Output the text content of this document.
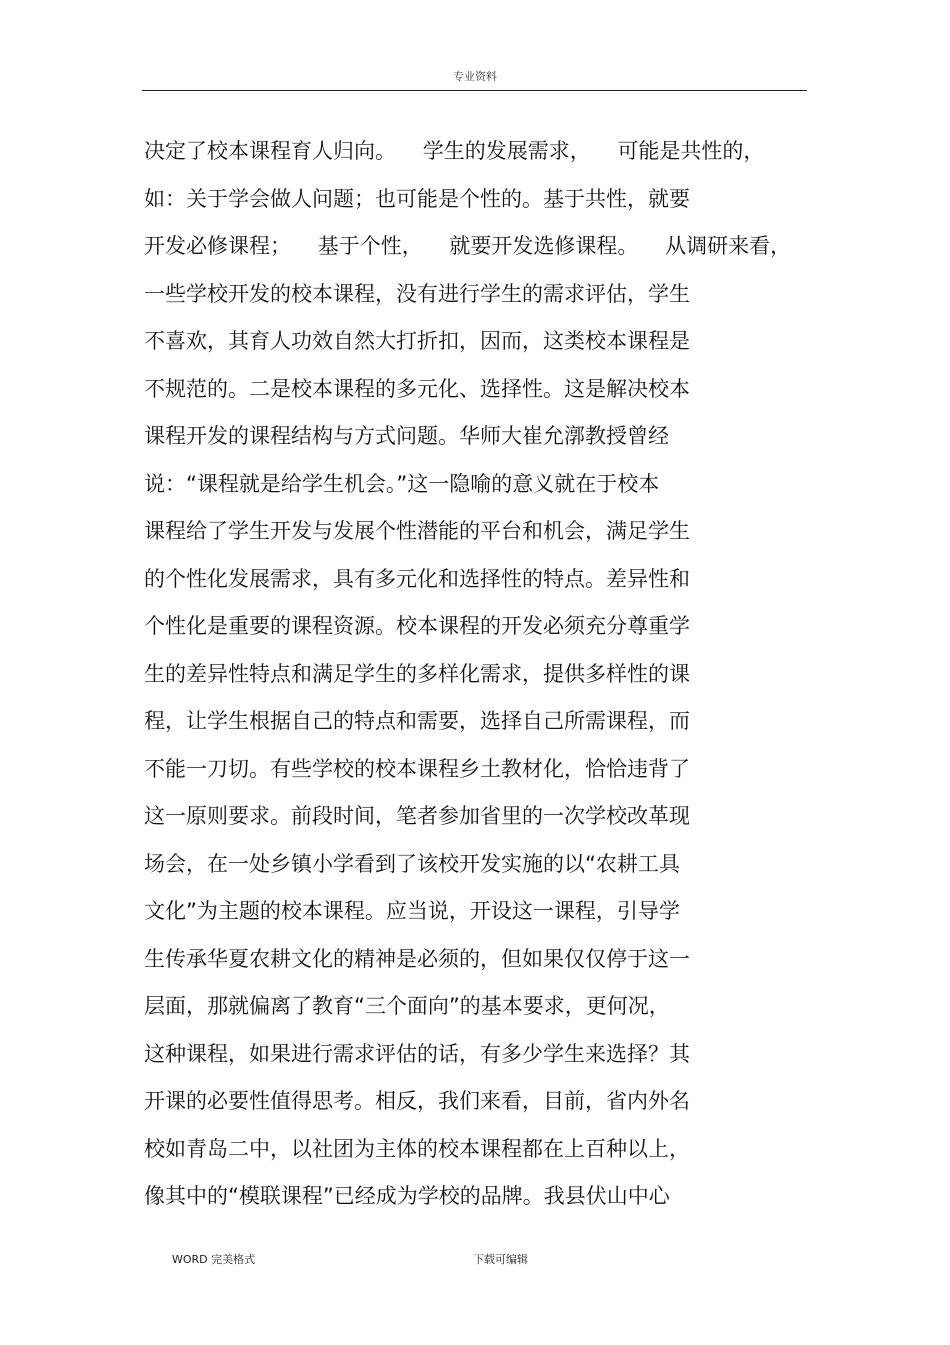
专业资料
决定了校本课程育人归向。    学生的发展需求，    可能是共性的，
如：关于学会做人问题；也可能是个性的。基于共性，就要
开发必修课程；    基于个性，    就要开发选修课程。    从调研来看，
一些学校开发的校本课程，没有进行学生的需求评估，学生
不喜欢，其育人功效自然大打折扣，因而，这类校本课程是
不规范的。二是校本课程的多元化、选择性。这是解决校本
课程开发的课程结构与方式问题。华师大崔允漷教授曾经
说：“课程就是给学生机会。”这一隐喻的意义就在于校本
课程给了学生开发与发展个性潜能的平台和机会，满足学生
的个性化发展需求，具有多元化和选择性的特点。差异性和
个性化是重要的课程资源。校本课程的开发必须充分尊重学
生的差异性特点和满足学生的多样化需求，提供多样性的课
程，让学生根据自己的特点和需要，选择自己所需课程，而
不能一刀切。有些学校的校本课程乡土教材化，恰恰违背了
这一原则要求。前段时间，笔者参加省里的一次学校改革现
场会，在一处乡镇小学看到了该校开发实施的以“农耕工具
文化”为主题的校本课程。应当说，开设这一课程，引导学
生传承华夏农耕文化的精神是必须的，但如果仅仅停于这一
层面，那就偏离了教育“三个面向”的基本要求，更何况，
这种课程，如果进行需求评估的话，有多少学生来选择？其
开课的必要性值得思考。相反，我们来看，目前，省内外名
校如青岛二中，以社团为主体的校本课程都在上百种以上，
像其中的“模联课程”已经成为学校的品牌。我县伏山中心
WORD 完美格式	下载可编辑
